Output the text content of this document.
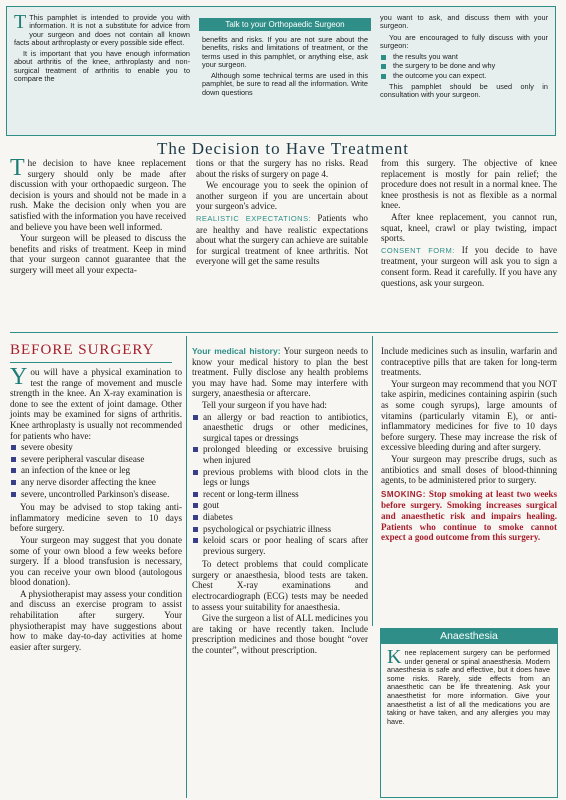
T This pamphlet is intended to provide you with information. It is not a substitute for advice from your surgeon and does not contain all known facts about arthroplasty or every possible side effect.

It is important that you have enough information about arthritis of the knee, arthroplasty and non-surgical treatment of arthritis to enable you to compare the

Talk to your Orthopaedic Surgeon

benefits and risks. If you are not sure about the benefits, risks and limitations of treatment, or the terms used in this pamphlet, or anything else, ask your surgeon.

Although some technical terms are used in this pamphlet, be sure to read all the information. Write down questions

you want to ask, and discuss them with your surgeon.

You are encouraged to fully discuss with your surgeon:

the results you want
the surgery to be done and why
the outcome you can expect.

This pamphlet should be used only in consultation with your surgeon.

The Decision to Have Treatment

The decision to have knee replacement surgery should only be made after discussion with your orthopaedic surgeon. The decision is yours and should not be made in a rush. Make the decision only when you are satisfied with the information you have received and believe you have been well informed.

Your surgeon will be pleased to discuss the benefits and risks of treatment. Keep in mind that your surgeon cannot guarantee that the surgery will meet all your expecta-

tions or that the surgery has no risks. Read about the risks of surgery on page 4.

We encourage you to seek the opinion of another surgeon if you are uncertain about your surgeon's advice.

REALISTIC EXPECTATIONS: Patients who are healthy and have realistic expectations about what the surgery can achieve are suitable for surgical treatment of knee arthritis. Not everyone will get the same results

from this surgery. The objective of knee replacement is mostly for pain relief; the procedure does not result in a normal knee. The knee prosthesis is not as flexible as a normal knee.

After knee replacement, you cannot run, squat, kneel, crawl or play twisting, impact sports.

CONSENT FORM: If you decide to have treatment, your surgeon will ask you to sign a consent form. Read it carefully. If you have any questions, ask your surgeon.

BEFORE SURGERY

You will have a physical examination to test the range of movement and muscle strength in the knee. An X-ray examination is done to see the extent of joint damage. Other joints may be examined for signs of arthritis. Knee arthroplasty is usually not recommended for patients who have:

severe obesity
severe peripheral vascular disease
an infection of the knee or leg
any nerve disorder affecting the knee
severe, uncontrolled Parkinson's disease.

You may be advised to stop taking anti-inflammatory medicine seven to 10 days before surgery.

Your surgeon may suggest that you donate some of your own blood a few weeks before surgery. If a blood transfusion is necessary, you can receive your own blood (autologous blood donation).

A physiotherapist may assess your condition and discuss an exercise program to assist rehabilitation after surgery. Your physiotherapist may have suggestions about how to make day-to-day activities at home easier after surgery.

Your medical history: Your surgeon needs to know your medical history to plan the best treatment. Fully disclose any health problems you may have had. Some may interfere with surgery, anaesthesia or aftercare.

Tell your surgeon if you have had:

an allergy or bad reaction to antibiotics, anaesthetic drugs or other medicines, surgical tapes or dressings
prolonged bleeding or excessive bruising when injured
previous problems with blood clots in the legs or lungs
recent or long-term illness
gout
diabetes
psychological or psychiatric illness
keloid scars or poor healing of scars after previous surgery.

To detect problems that could complicate surgery or anaesthesia, blood tests are taken. Chest X-ray examinations and electrocardiograph (ECG) tests may be needed to assess your suitability for anaesthesia.

Give the surgeon a list of ALL medicines you are taking or have recently taken. Include prescription medicines and those bought “over the counter”, without prescription.

Include medicines such as insulin, warfarin and contraceptive pills that are taken for long-term treatments.

Your surgeon may recommend that you NOT take aspirin, medicines containing aspirin (such as some cough syrups), large amounts of vitamins (particularly vitamin E), or anti-inflammatory medicines for five to 10 days before surgery. These may increase the risk of excessive bleeding during and after surgery.

Your surgeon may prescribe drugs, such as antibiotics and small doses of blood-thinning agents, to be administered prior to surgery.

SMOKING: Stop smoking at least two weeks before surgery. Smoking increases surgical and anaesthetic risk and impairs healing. Patients who continue to smoke cannot expect a good outcome from this surgery.

Anaesthesia
Knee replacement surgery can be performed under general or spinal anaesthesia. Modern anaesthesia is safe and effective, but it does have some risks. Rarely, side effects from an anaesthetic can be life threatening. Ask your anaesthetist for more information. Give your anaesthetist a list of all the medications you are taking or have taken, and any allergies you may have.
